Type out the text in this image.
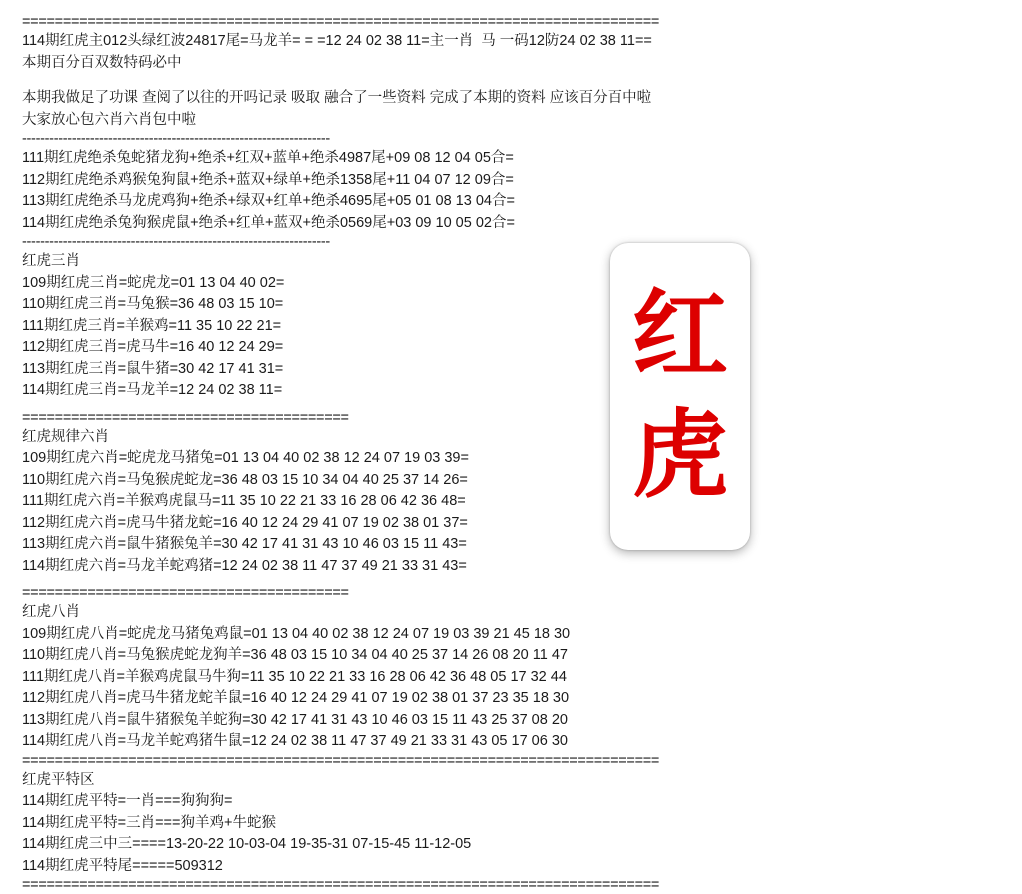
==============================================================================
114期红虎主012头绿红波24817尾=马龙羊= = =12 24 02 38 11=主一肖  马 一码12防24 02 38 11==
本期百分百双数特码必中
本期我做足了功课 查阅了以往的开吗记录 吸取 融合了一些资料 完成了本期的资料 应该百分百中啦
大家放心包六肖六肖包中啦
--------------------------------------------------------------------
111期红虎绝杀兔蛇猪龙狗+绝杀+红双+蓝单+绝杀4987尾+09 08 12 04 05合=
112期红虎绝杀鸡猴兔狗鼠+绝杀+蓝双+绿单+绝杀1358尾+11 04 07 12 09合=
113期红虎绝杀马龙虎鸡狗+绝杀+绿双+红单+绝杀4695尾+05 01 08 13 04合=
114期红虎绝杀兔狗猴虎鼠+绝杀+红单+蓝双+绝杀0569尾+03 09 10 05 02合=
--------------------------------------------------------------------
红虎三肖
109期红虎三肖=蛇虎龙=01 13 04 40 02=
110期红虎三肖=马兔猴=36 48 03 15 10=
111期红虎三肖=羊猴鸡=11 35 10 22 21=
112期红虎三肖=虎马牛=16 40 12 24 29=
113期红虎三肖=鼠牛猪=30 42 17 41 31=
114期红虎三肖=马龙羊=12 24 02 38 11=
========================================
红虎规律六肖
109期红虎六肖=蛇虎龙马猪兔=01 13 04 40 02 38 12 24 07 19 03 39=
110期红虎六肖=马兔猴虎蛇龙=36 48 03 15 10 34 04 40 25 37 14 26=
111期红虎六肖=羊猴鸡虎鼠马=11 35 10 22 21 33 16 28 06 42 36 48=
112期红虎六肖=虎马牛猪龙蛇=16 40 12 24 29 41 07 19 02 38 01 37=
113期红虎六肖=鼠牛猪猴兔羊=30 42 17 41 31 43 10 46 03 15 11 43=
114期红虎六肖=马龙羊蛇鸡猪=12 24 02 38 11 47 37 49 21 33 31 43=
========================================
红虎八肖
109期红虎八肖=蛇虎龙马猪兔鸡鼠=01 13 04 40 02 38 12 24 07 19 03 39 21 45 18 30
110期红虎八肖=马兔猴虎蛇龙狗羊=36 48 03 15 10 34 04 40 25 37 14 26 08 20 11 47
111期红虎八肖=羊猴鸡虎鼠马牛狗=11 35 10 22 21 33 16 28 06 42 36 48 05 17 32 44
112期红虎八肖=虎马牛猪龙蛇羊鼠=16 40 12 24 29 41 07 19 02 38 01 37 23 35 18 30
113期红虎八肖=鼠牛猪猴兔羊蛇狗=30 42 17 41 31 43 10 46 03 15 11 43 25 37 08 20
114期红虎八肖=马龙羊蛇鸡猪牛鼠=12 24 02 38 11 47 37 49 21 33 31 43 05 17 06 30
==============================================================================
红虎平特区
114期红虎平特=一肖===狗狗狗=
114期红虎平特=三肖===狗羊鸡+牛蛇猴
114期红虎三中三====13-20-22 10-03-04 19-35-31 07-15-45 11-12-05
114期红虎平特尾=====509312
==============================================================================
红
虎
